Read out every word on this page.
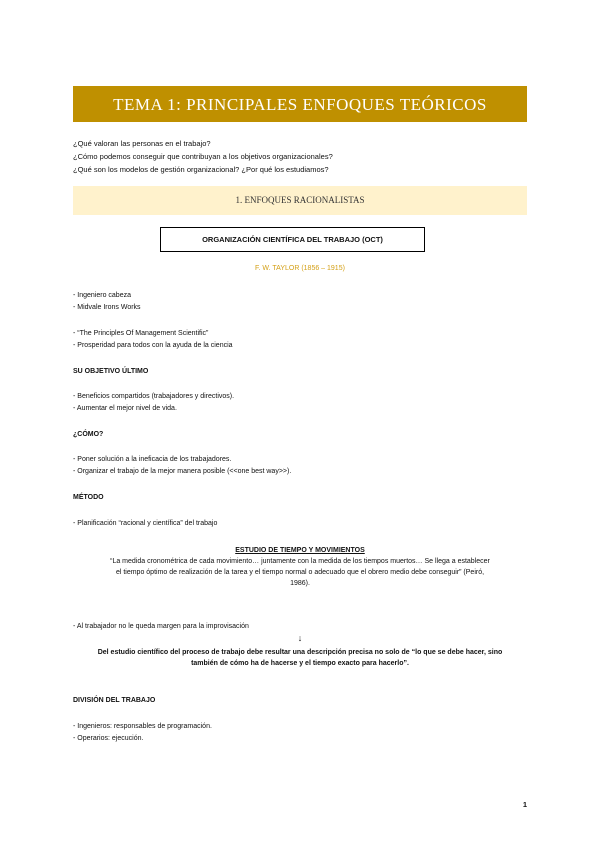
TEMA 1: PRINCIPALES ENFOQUES TEÓRICOS
¿Qué valoran las personas en el trabajo?
¿Cómo podemos conseguir que contribuyan a los objetivos organizacionales?
¿Qué son los modelos de gestión organizacional? ¿Por qué los estudiamos?
1. ENFOQUES RACIONALISTAS
ORGANIZACIÓN CIENTÍFICA DEL TRABAJO (OCT)
F. W. TAYLOR (1856 – 1915)
- Ingeniero cabeza
- Midvale Irons Works
- “The Principles Of Management Scientific”
- Prosperidad para todos con la ayuda de la ciencia
SU OBJETIVO ÚLTIMO
- Beneficios compartidos (trabajadores y directivos).
- Aumentar el mejor nivel de vida.
¿CÓMO?
- Poner solución a la ineficacia de los trabajadores.
- Organizar el trabajo de la mejor manera posible (<<one best way>>).
MÉTODO
- Planificación “racional y científica” del trabajo
ESTUDIO DE TIEMPO Y MOVIMIENTOS
“La medida cronométrica de cada movimiento… juntamente con la medida de los tiempos muertos… Se llega a establecer
el tiempo óptimo de realización de la tarea y el tiempo normal o adecuado que el obrero medio debe conseguir” (Peiró,
1986).
- Al trabajador no le queda margen para la improvisación
↓
Del estudio científico del proceso de trabajo debe resultar una descripción precisa no solo de “lo que se debe hacer, sino
también de cómo ha de hacerse y el tiempo exacto para hacerlo”.
DIVISIÓN DEL TRABAJO
- Ingenieros: responsables de programación.
- Operarios: ejecución.
1
